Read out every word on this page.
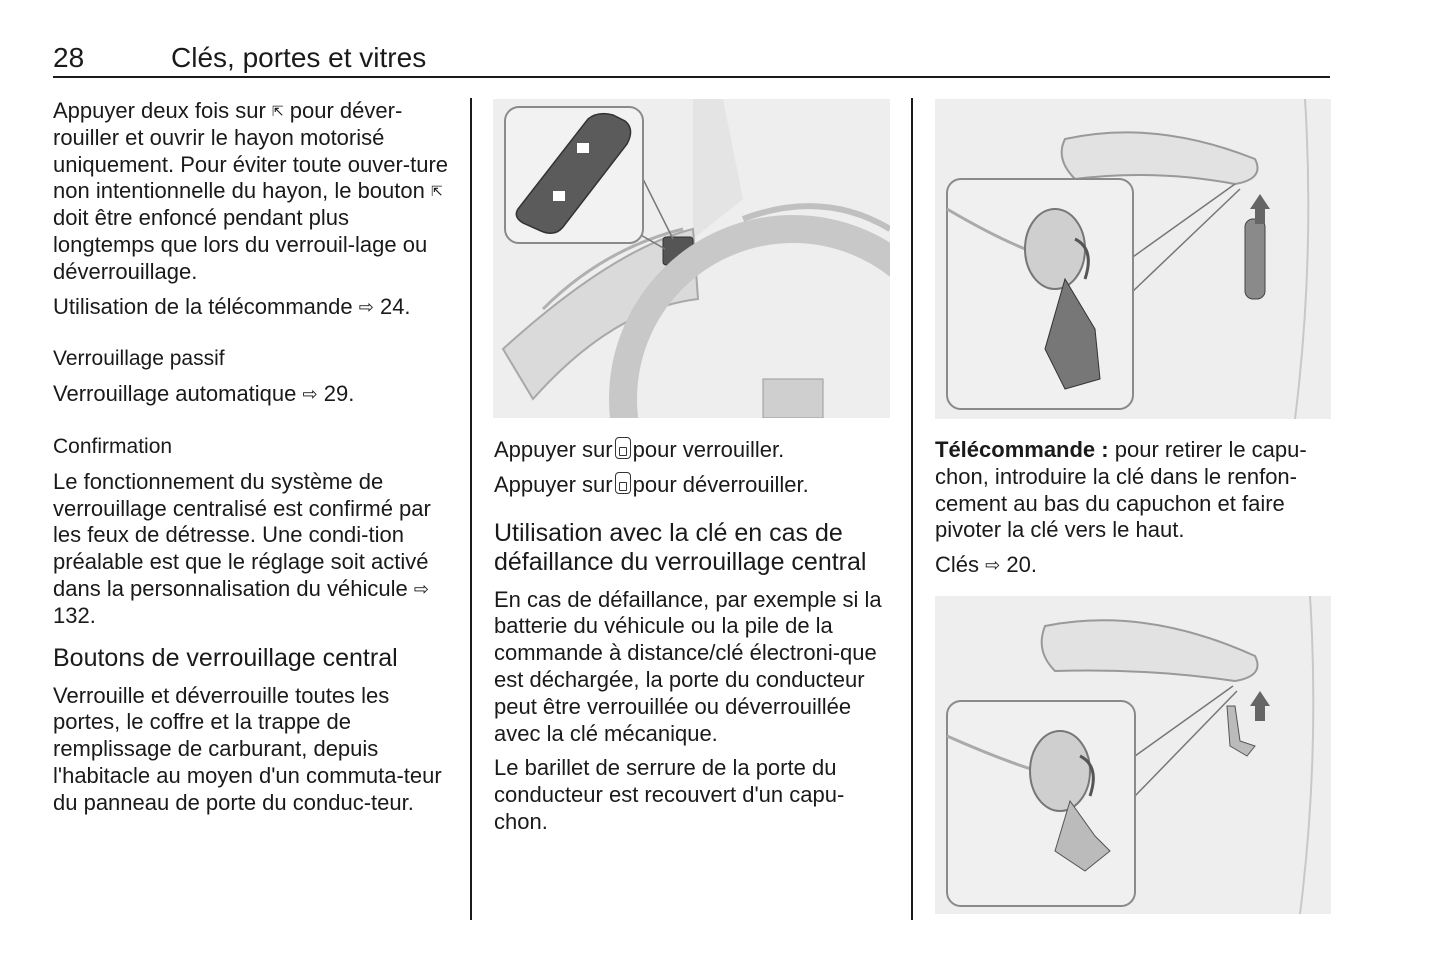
28	Clés, portes et vitres

Appuyer deux fois sur ⇱ pour déver-rouiller et ouvrir le hayon motorisé uniquement. Pour éviter toute ouver-ture non intentionnelle du hayon, le bouton ⇱ doit être enfoncé pendant plus longtemps que lors du verrouil-lage ou déverrouillage.

Utilisation de la télécommande ⇨ 24.

Verrouillage passif

Verrouillage automatique ⇨ 29.

Confirmation

Le fonctionnement du système de verrouillage centralisé est confirmé par les feux de détresse. Une condi-tion préalable est que le réglage soit activé dans la personnalisation du véhicule ⇨ 132.

Boutons de verrouillage central

Verrouille et déverrouille toutes les portes, le coffre et la trappe de remplissage de carburant, depuis l'habitacle au moyen d'un commuta-teur du panneau de porte du conduc-teur.

Appuyer sur pour verrouiller.

Appuyer sur pour déverrouiller.

Utilisation avec la clé en cas de défaillance du verrouillage central

En cas de défaillance, par exemple si la batterie du véhicule ou la pile de la commande à distance/clé électroni-que est déchargée, la porte du conducteur peut être verrouillée ou déverrouillée avec la clé mécanique.

Le barillet de serrure de la porte du conducteur est recouvert d'un capu-chon.

Télécommande : pour retirer le capu-chon, introduire la clé dans le renfon-cement au bas du capuchon et faire pivoter la clé vers le haut.

Clés ⇨ 20.
